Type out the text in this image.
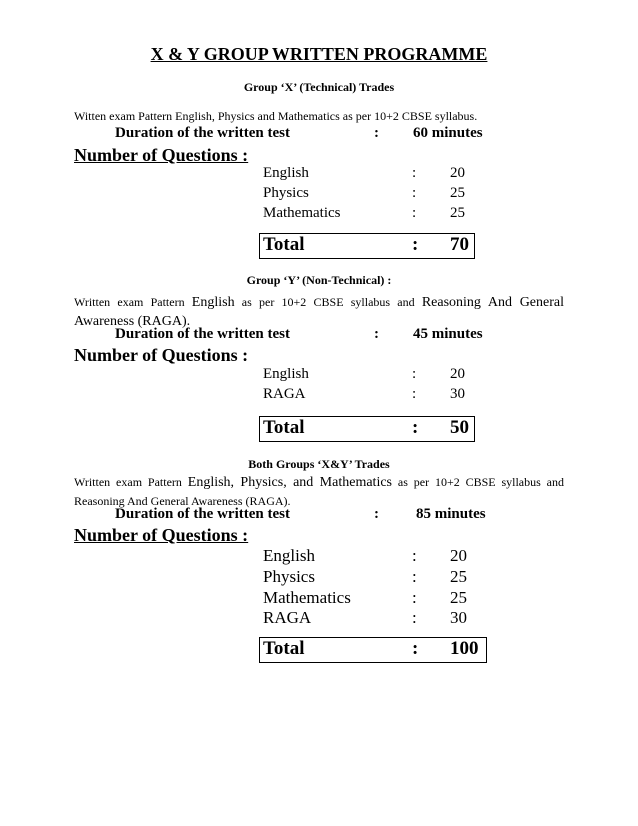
X & Y GROUP WRITTEN PROGRAMME
Group ‘X’ (Technical) Trades
Witten exam Pattern English, Physics and Mathematics as per 10+2 CBSE syllabus.
Duration of the written test	: 60 minutes
Number of Questions :
English	: 20
Physics	: 25
Mathematics	: 25
Total	: 70
Group ‘Y’ (Non-Technical) :
Written exam Pattern English as per 10+2 CBSE syllabus and Reasoning And General Awareness (RAGA).
Duration of the written test	: 45 minutes
Number of Questions :
English	: 20
RAGA	: 30
Total	: 50
Both Groups ‘X&Y’ Trades
Written exam Pattern English, Physics, and Mathematics as per 10+2 CBSE syllabus and Reasoning And General Awareness (RAGA).
Duration of the written test	: 85 minutes
Number of Questions :
English	: 20
Physics	: 25
Mathematics	: 25
RAGA	: 30
Total	: 100
